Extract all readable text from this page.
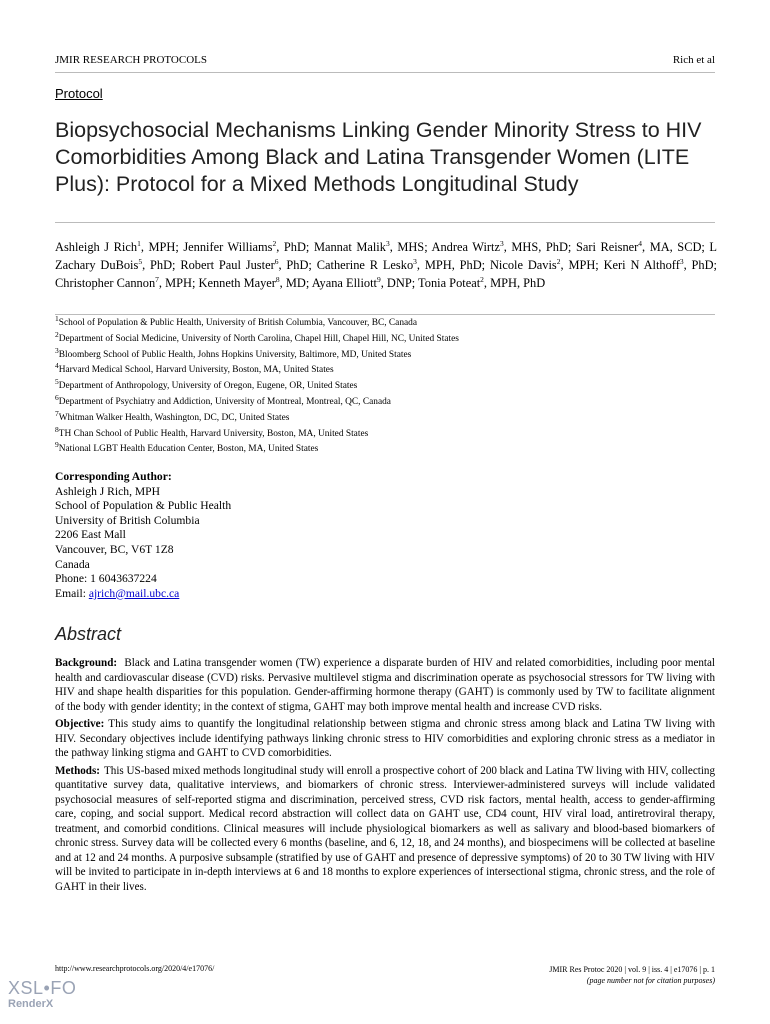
JMIR RESEARCH PROTOCOLS	Rich et al
Protocol
Biopsychosocial Mechanisms Linking Gender Minority Stress to HIV Comorbidities Among Black and Latina Transgender Women (LITE Plus): Protocol for a Mixed Methods Longitudinal Study
Ashleigh J Rich$^1$, MPH; Jennifer Williams$^2$, PhD; Mannat Malik$^3$, MHS; Andrea Wirtz$^3$, MHS, PhD; Sari Reisner$^4$, MA, SCD; L Zachary DuBois$^5$, PhD; Robert Paul Juster$^6$, PhD; Catherine R Lesko$^3$, MPH, PhD; Nicole Davis$^2$, MPH; Keri N Althoff$^3$, PhD; Christopher Cannon$^7$, MPH; Kenneth Mayer$^8$, MD; Ayana Elliott$^9$, DNP; Tonia Poteat$^2$, MPH, PhD
$^1$School of Population & Public Health, University of British Columbia, Vancouver, BC, Canada
$^2$Department of Social Medicine, University of North Carolina, Chapel Hill, Chapel Hill, NC, United States
$^3$Bloomberg School of Public Health, Johns Hopkins University, Baltimore, MD, United States
$^4$Harvard Medical School, Harvard University, Boston, MA, United States
$^5$Department of Anthropology, University of Oregon, Eugene, OR, United States
$^6$Department of Psychiatry and Addiction, University of Montreal, Montreal, QC, Canada
$^7$Whitman Walker Health, Washington, DC, DC, United States
$^8$TH Chan School of Public Health, Harvard University, Boston, MA, United States
$^9$National LGBT Health Education Center, Boston, MA, United States
Corresponding Author:
Ashleigh J Rich, MPH
School of Population & Public Health
University of British Columbia
2206 East Mall
Vancouver, BC, V6T 1Z8
Canada
Phone: 1 6043637224
Email: ajrich@mail.ubc.ca
Abstract

Background: Black and Latina transgender women (TW) experience a disparate burden of HIV and related comorbidities, including poor mental health and cardiovascular disease (CVD) risks. Pervasive multilevel stigma and discrimination operate as psychosocial stressors for TW living with HIV and shape health disparities for this population. Gender-affirming hormone therapy (GAHT) is commonly used by TW to facilitate alignment of the body with gender identity; in the context of stigma, GAHT may both improve mental health and increase CVD risks.

Objective: This study aims to quantify the longitudinal relationship between stigma and chronic stress among black and Latina TW living with HIV. Secondary objectives include identifying pathways linking chronic stress to HIV comorbidities and exploring chronic stress as a mediator in the pathway linking stigma and GAHT to CVD comorbidities.

Methods: This US-based mixed methods longitudinal study will enroll a prospective cohort of 200 black and Latina TW living with HIV, collecting quantitative survey data, qualitative interviews, and biomarkers of chronic stress. Interviewer-administered surveys will include validated psychosocial measures of self-reported stigma and discrimination, perceived stress, CVD risk factors, mental health, access to gender-affirming care, coping, and social support. Medical record abstraction will collect data on GAHT use, CD4 count, HIV viral load, antiretroviral therapy, treatment, and comorbid conditions. Clinical measures will include physiological biomarkers as well as salivary and blood-based biomarkers of chronic stress. Survey data will be collected every 6 months (baseline, and 6, 12, 18, and 24 months), and biospecimens will be collected at baseline and at 12 and 24 months. A purposive subsample (stratified by use of GAHT and presence of depressive symptoms) of 20 to 30 TW living with HIV will be invited to participate in in-depth interviews at 6 and 18 months to explore experiences of intersectional stigma, chronic stress, and the role of GAHT in their lives.

http://www.researchprotocols.org/2020/4/e17076/	JMIR Res Protoc 2020 | vol. 9 | iss. 4 | e17076 | p. 1
(page number not for citation purposes)
XSL•FO
RenderX
